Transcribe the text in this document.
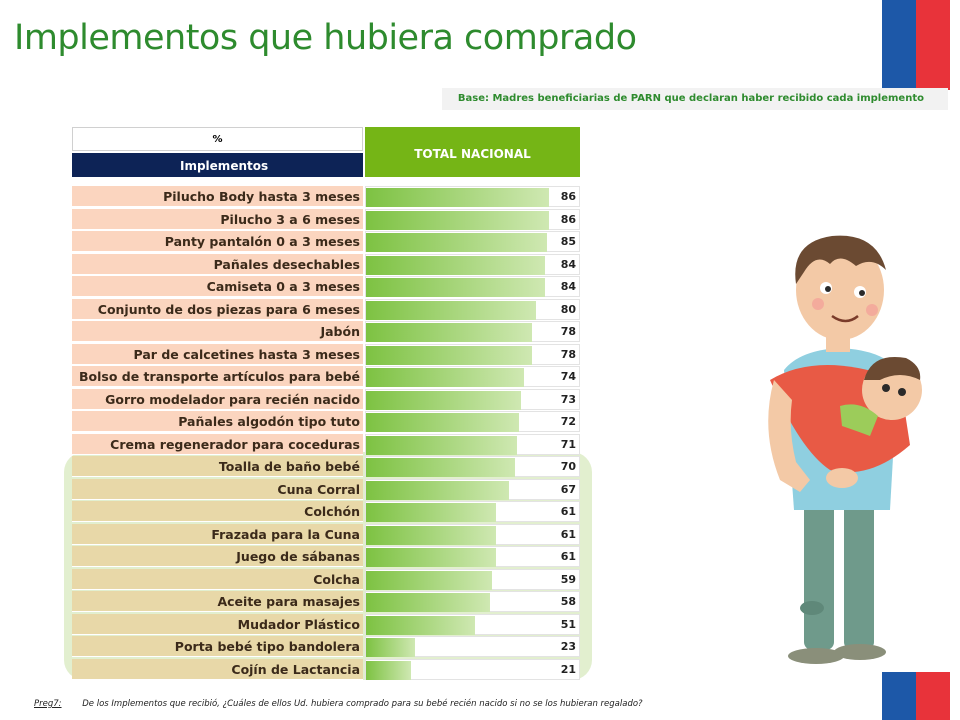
Implementos que hubiera comprado
Base: Madres beneficiarias de PARN que declaran haber recibido cada implemento
%
Implementos
TOTAL NACIONAL
Pilucho Body hasta 3 meses	86
Pilucho 3 a 6 meses	86
Panty pantalón 0 a 3 meses	85
Pañales desechables	84
Camiseta 0 a 3 meses	84
Conjunto de dos piezas para 6 meses	80
Jabón	78
Par de calcetines hasta 3 meses	78
Bolso de transporte artículos para bebé	74
Gorro modelador para recién nacido	73
Pañales algodón tipo tuto	72
Crema regenerador para coceduras	71
Toalla de baño bebé	70
Cuna Corral	67
Colchón	61
Frazada para la Cuna	61
Juego de sábanas	61
Colcha	59
Aceite para masajes	58
Mudador Plástico	51
Porta bebé tipo bandolera	23
Cojín de Lactancia	21
Preg7: De los Implementos que recibió, ¿Cuáles de ellos Ud. hubiera comprado para su bebé recién nacido si no se los hubieran regalado?
